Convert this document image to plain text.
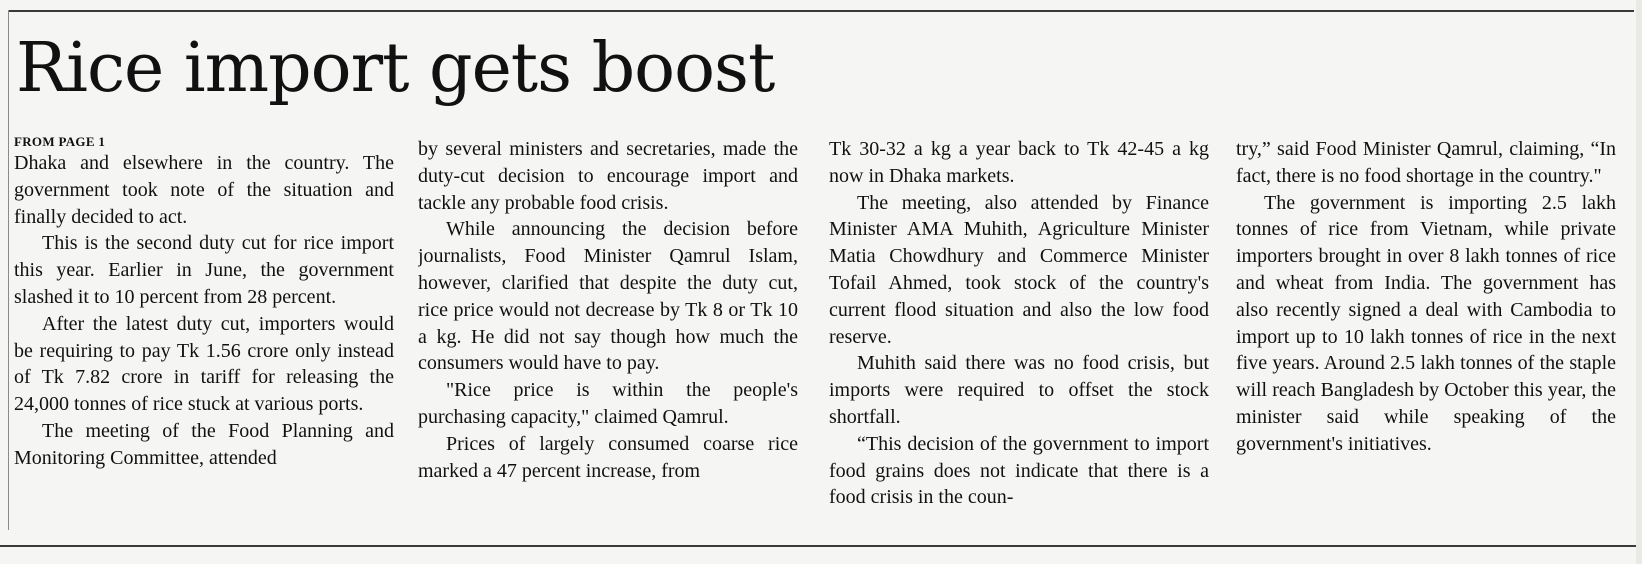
Rice import gets boost
FROM PAGE 1

Dhaka and elsewhere in the country. The government took note of the situation and finally decided to act.

This is the second duty cut for rice import this year. Earlier in June, the government slashed it to 10 percent from 28 percent.

After the latest duty cut, importers would be requiring to pay Tk 1.56 crore only instead of Tk 7.82 crore in tariff for releasing the 24,000 tonnes of rice stuck at various ports.

The meeting of the Food Planning and Monitoring Committee, attended

by several ministers and secretaries, made the duty-cut decision to encourage import and tackle any probable food crisis.

While announcing the decision before journalists, Food Minister Qamrul Islam, however, clarified that despite the duty cut, rice price would not decrease by Tk 8 or Tk 10 a kg. He did not say though how much the consumers would have to pay.

"Rice price is within the people's purchasing capacity," claimed Qamrul.

Prices of largely consumed coarse rice marked a 47 percent increase, from

Tk 30-32 a kg a year back to Tk 42-45 a kg now in Dhaka markets.

The meeting, also attended by Finance Minister AMA Muhith, Agriculture Minister Matia Chowdhury and Commerce Minister Tofail Ahmed, took stock of the country's current flood situation and also the low food reserve.

Muhith said there was no food crisis, but imports were required to offset the stock shortfall.

“This decision of the government to import food grains does not indicate that there is a food crisis in the coun-

try,” said Food Minister Qamrul, claiming, “In fact, there is no food shortage in the country."

The government is importing 2.5 lakh tonnes of rice from Vietnam, while private importers brought in over 8 lakh tonnes of rice and wheat from India. The government has also recently signed a deal with Cambodia to import up to 10 lakh tonnes of rice in the next five years. Around 2.5 lakh tonnes of the staple will reach Bangladesh by October this year, the minister said while speaking of the government's initiatives.
